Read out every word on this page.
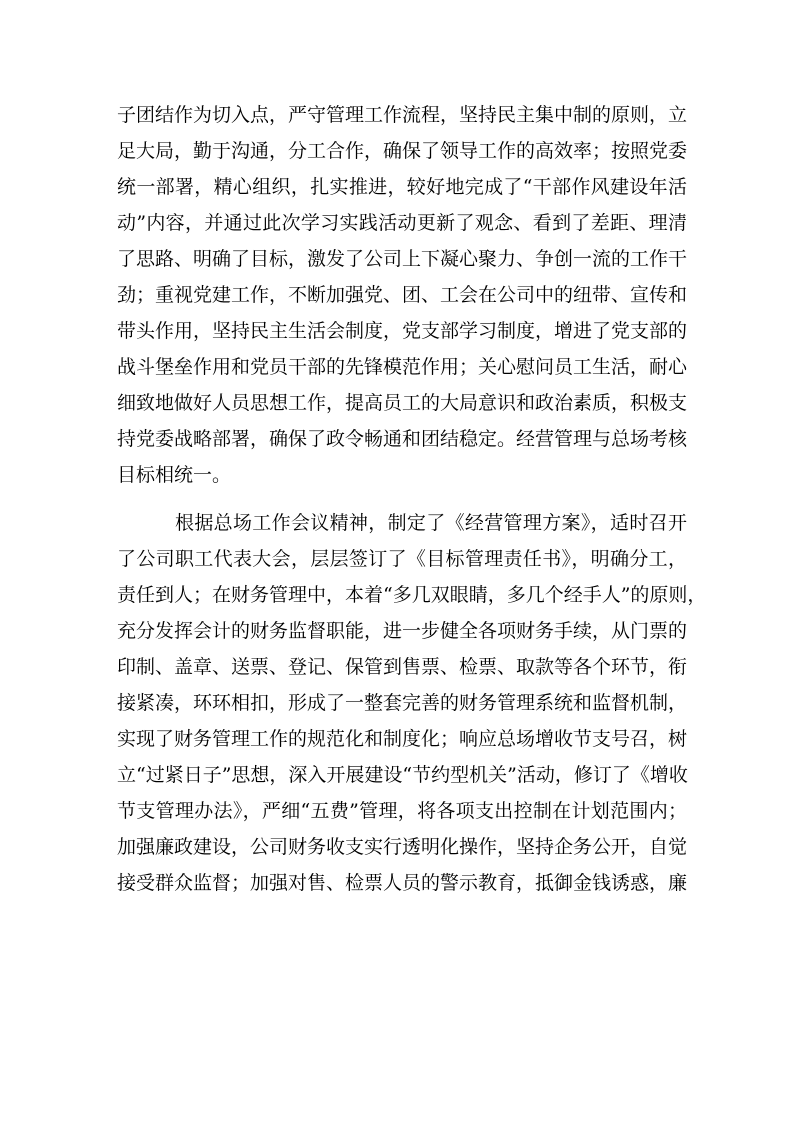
子团结作为切入点，严守管理工作流程，坚持民主集中制的原则，立
足大局，勤于沟通，分工合作，确保了领导工作的高效率；按照党委
统一部署，精心组织，扎实推进，较好地完成了“干部作风建设年活
动”内容，并通过此次学习实践活动更新了观念、看到了差距、理清
了思路、明确了目标，激发了公司上下凝心聚力、争创一流的工作干
劲；重视党建工作，不断加强党、团、工会在公司中的纽带、宣传和
带头作用，坚持民主生活会制度，党支部学习制度，增进了党支部的
战斗堡垒作用和党员干部的先锋模范作用；关心慰问员工生活，耐心
细致地做好人员思想工作，提高员工的大局意识和政治素质，积极支
持党委战略部署，确保了政令畅通和团结稳定。经营管理与总场考核
目标相统一。
根据总场工作会议精神，制定了《经营管理方案》，适时召开
了公司职工代表大会，层层签订了《目标管理责任书》，明确分工，
责任到人；在财务管理中，本着“多几双眼睛，多几个经手人”的原则，
充分发挥会计的财务监督职能，进一步健全各项财务手续，从门票的
印制、盖章、送票、登记、保管到售票、检票、取款等各个环节，衔
接紧凑，环环相扣，形成了一整套完善的财务管理系统和监督机制，
实现了财务管理工作的规范化和制度化；响应总场增收节支号召，树
立“过紧日子”思想，深入开展建设“节约型机关”活动，修订了《增收
节支管理办法》，严细“五费”管理，将各项支出控制在计划范围内；
加强廉政建设，公司财务收支实行透明化操作，坚持企务公开，自觉
接受群众监督；加强对售、检票人员的警示教育，抵御金钱诱惑，廉
